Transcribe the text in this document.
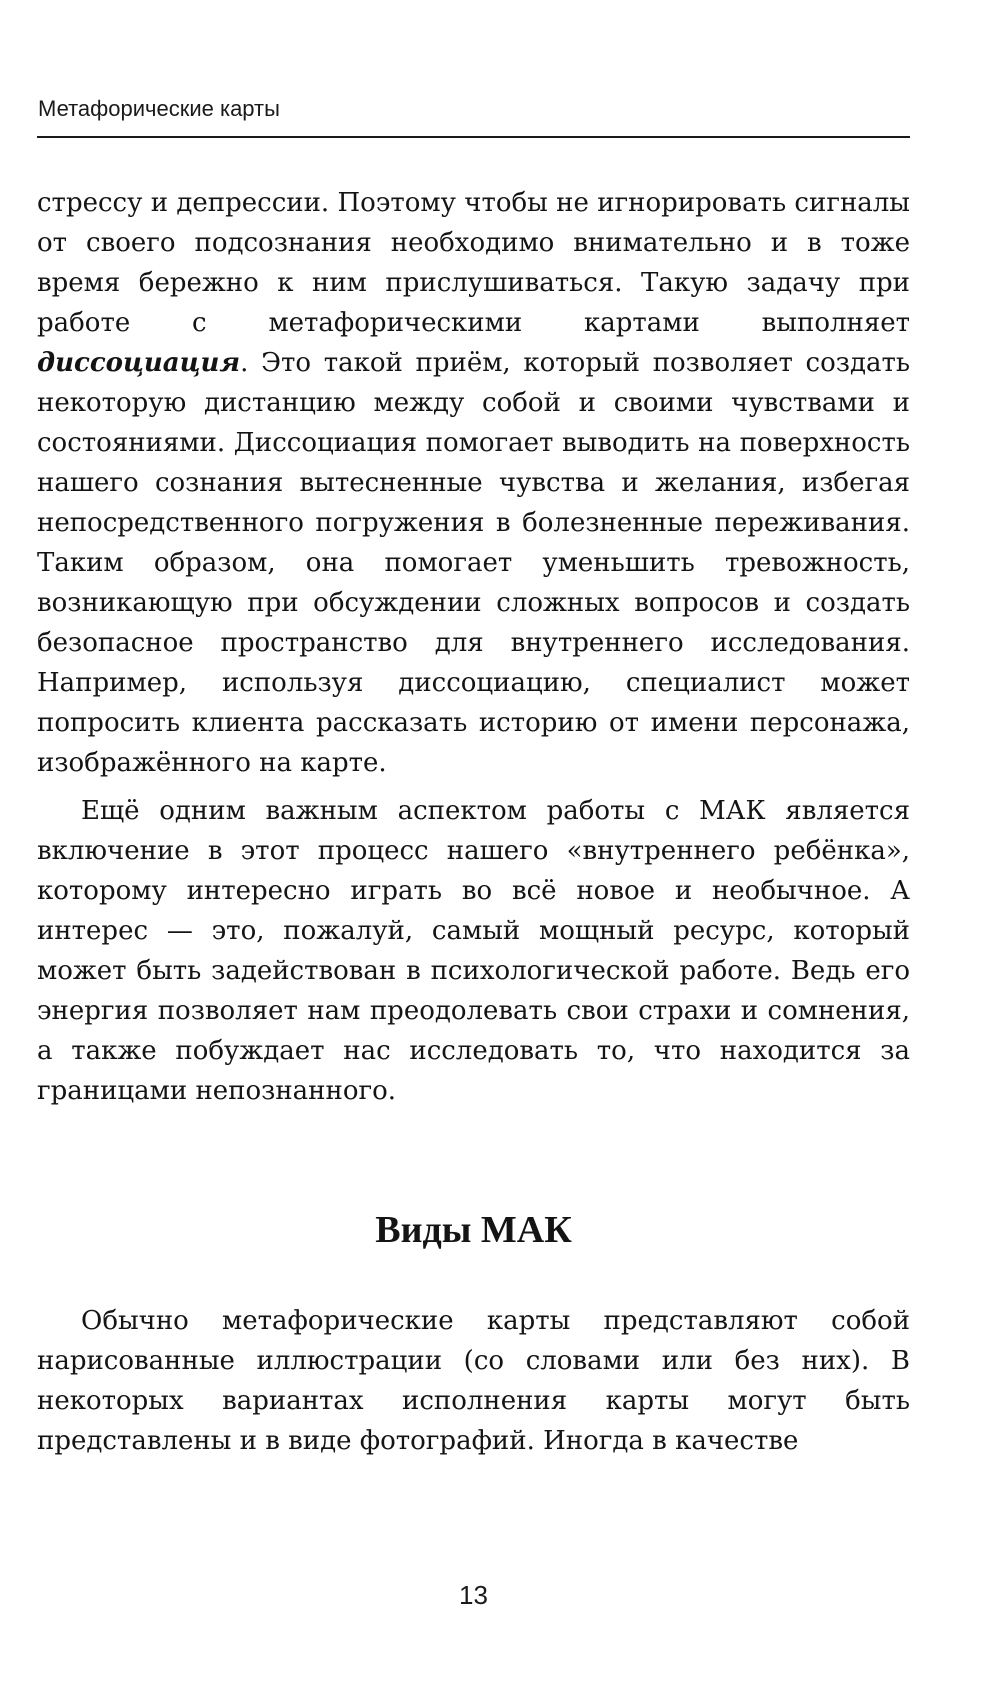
Метафорические карты

стрессу и депрессии. Поэтому чтобы не игнорировать сигналы от своего подсознания необходимо внимательно и в тоже время бережно к ним прислушиваться. Такую задачу при работе с метафорическими картами выполняет диссоциация. Это такой приём, который позволяет создать некоторую дистанцию между собой и своими чувствами и состояниями. Диссоциация помогает выводить на поверхность нашего сознания вытесненные чувства и желания, избегая непосредственного погружения в болезненные переживания. Таким образом, она помогает уменьшить тревожность, возникающую при обсуждении сложных вопросов и создать безопасное пространство для внутреннего исследования. Например, используя диссоциацию, специалист может попросить клиента рассказать историю от имени персонажа, изображённого на карте.

Ещё одним важным аспектом работы с МАК является включение в этот процесс нашего «внутреннего ребёнка», которому интересно играть во всё новое и необычное. А интерес — это, пожалуй, самый мощный ресурс, который может быть задействован в психологической работе. Ведь его энергия позволяет нам преодолевать свои страхи и сомнения, а также побуждает нас исследовать то, что находится за границами непознанного.

Виды МАК

Обычно метафорические карты представляют собой нарисованные иллюстрации (со словами или без них). В некоторых вариантах исполнения карты могут быть представлены и в виде фотографий. Иногда в качестве

13
